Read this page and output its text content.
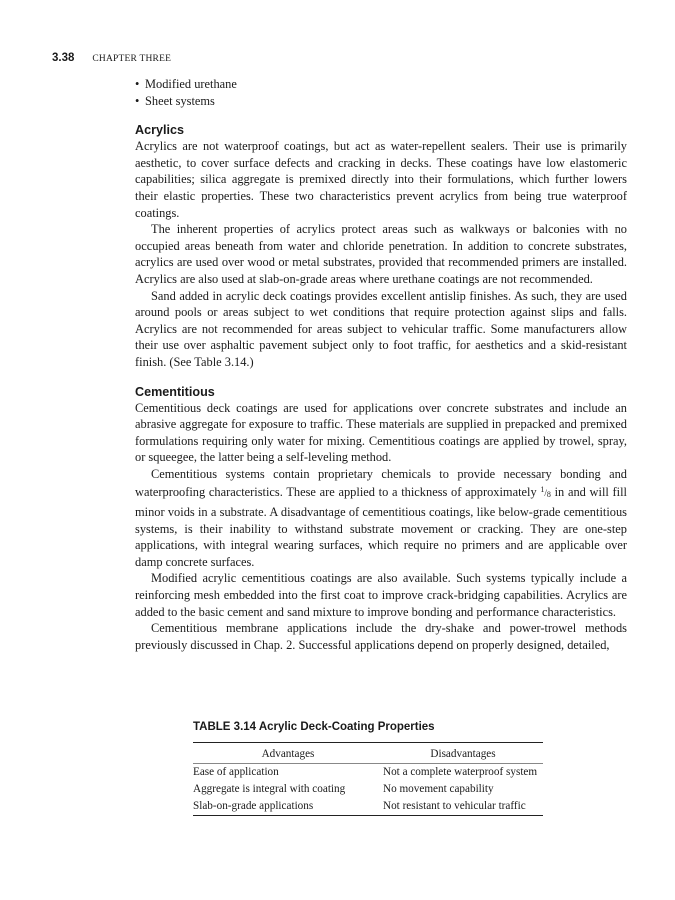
3.38 CHAPTER THREE
• Modified urethane
• Sheet systems
Acrylics

Acrylics are not waterproof coatings, but act as water-repellent sealers. Their use is primarily aesthetic, to cover surface defects and cracking in decks. These coatings have low elastomeric capabilities; silica aggregate is premixed directly into their formulations, which further lowers their elastic properties. These two characteristics prevent acrylics from being true waterproof coatings.

The inherent properties of acrylics protect areas such as walkways or balconies with no occupied areas beneath from water and chloride penetration. In addition to concrete substrates, acrylics are used over wood or metal substrates, provided that recommended primers are installed. Acrylics are also used at slab-on-grade areas where urethane coatings are not recommended.

Sand added in acrylic deck coatings provides excellent antislip finishes. As such, they are used around pools or areas subject to wet conditions that require protection against slips and falls. Acrylics are not recommended for areas subject to vehicular traffic. Some manufacturers allow their use over asphaltic pavement subject only to foot traffic, for aesthetics and a skid-resistant finish. (See Table 3.14.)

Cementitious

Cementitious deck coatings are used for applications over concrete substrates and include an abrasive aggregate for exposure to traffic. These materials are supplied in prepacked and premixed formulations requiring only water for mixing. Cementitious coatings are applied by trowel, spray, or squeegee, the latter being a self-leveling method.

Cementitious systems contain proprietary chemicals to provide necessary bonding and waterproofing characteristics. These are applied to a thickness of approximately $^1/_8$ in and will fill minor voids in a substrate. A disadvantage of cementitious coatings, like below-grade cementitious systems, is their inability to withstand substrate movement or cracking. They are one-step applications, with integral wearing surfaces, which require no primers and are applicable over damp concrete surfaces.

Modified acrylic cementitious coatings are also available. Such systems typically include a reinforcing mesh embedded into the first coat to improve crack-bridging capabilities. Acrylics are added to the basic cement and sand mixture to improve bonding and performance characteristics.

Cementitious membrane applications include the dry-shake and power-trowel methods previously discussed in Chap. 2. Successful applications depend on properly designed, detailed,

TABLE 3.14 Acrylic Deck-Coating Properties
Advantages	Disadvantages
Ease of application	Not a complete waterproof system
Aggregate is integral with coating	No movement capability
Slab-on-grade applications	Not resistant to vehicular traffic
